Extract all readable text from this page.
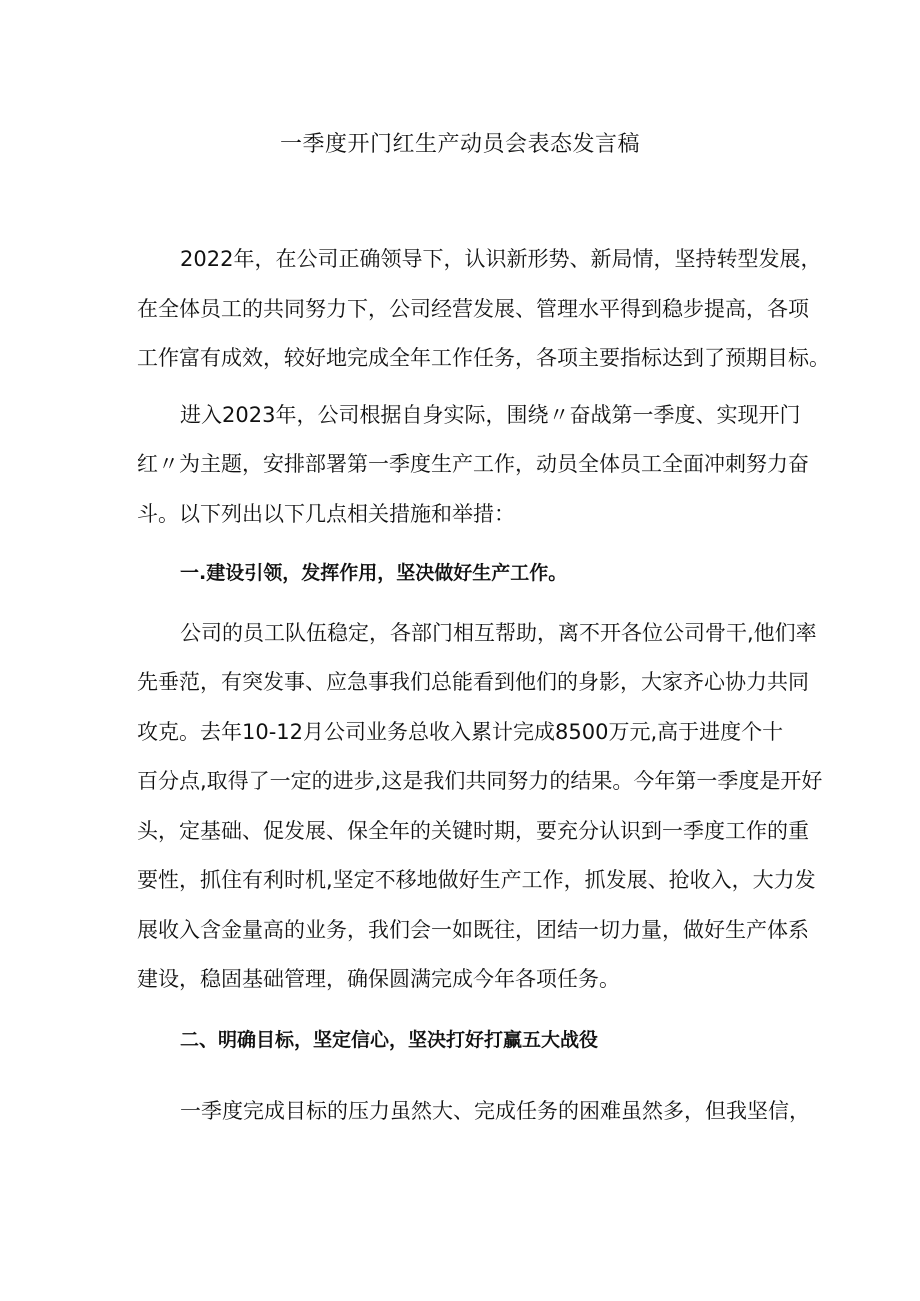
一季度开门红生产动员会表态发言稿
2022年，在公司正确领导下，认识新形势、新局情，坚持转型发展，
在全体员工的共同努力下，公司经营发展、管理水平得到稳步提高，各项
工作富有成效，较好地完成全年工作任务，各项主要指标达到了预期目标。
进入2023年，公司根据自身实际，围绕〃奋战第一季度、实现开门
红〃为主题，安排部署第一季度生产工作，动员全体员工全面冲刺努力奋
斗。以下列出以下几点相关措施和举措：
一.建设引领，发挥作用，坚决做好生产工作。
公司的员工队伍稳定，各部门相互帮助，离不开各位公司骨干,他们率
先垂范，有突发事、应急事我们总能看到他们的身影，大家齐心协力共同
攻克。去年10-12月公司业务总收入累计完成8500万元,高于进度个十
百分点,取得了一定的进步,这是我们共同努力的结果。今年第一季度是开好
头，定基础、促发展、保全年的关键时期，要充分认识到一季度工作的重
要性，抓住有利时机,坚定不移地做好生产工作，抓发展、抢收入，大力发
展收入含金量高的业务，我们会一如既往，团结一切力量，做好生产体系
建设，稳固基础管理，确保圆满完成今年各项任务。
二、明确目标，坚定信心，坚决打好打赢五大战役
一季度完成目标的压力虽然大、完成任务的困难虽然多，但我坚信，
